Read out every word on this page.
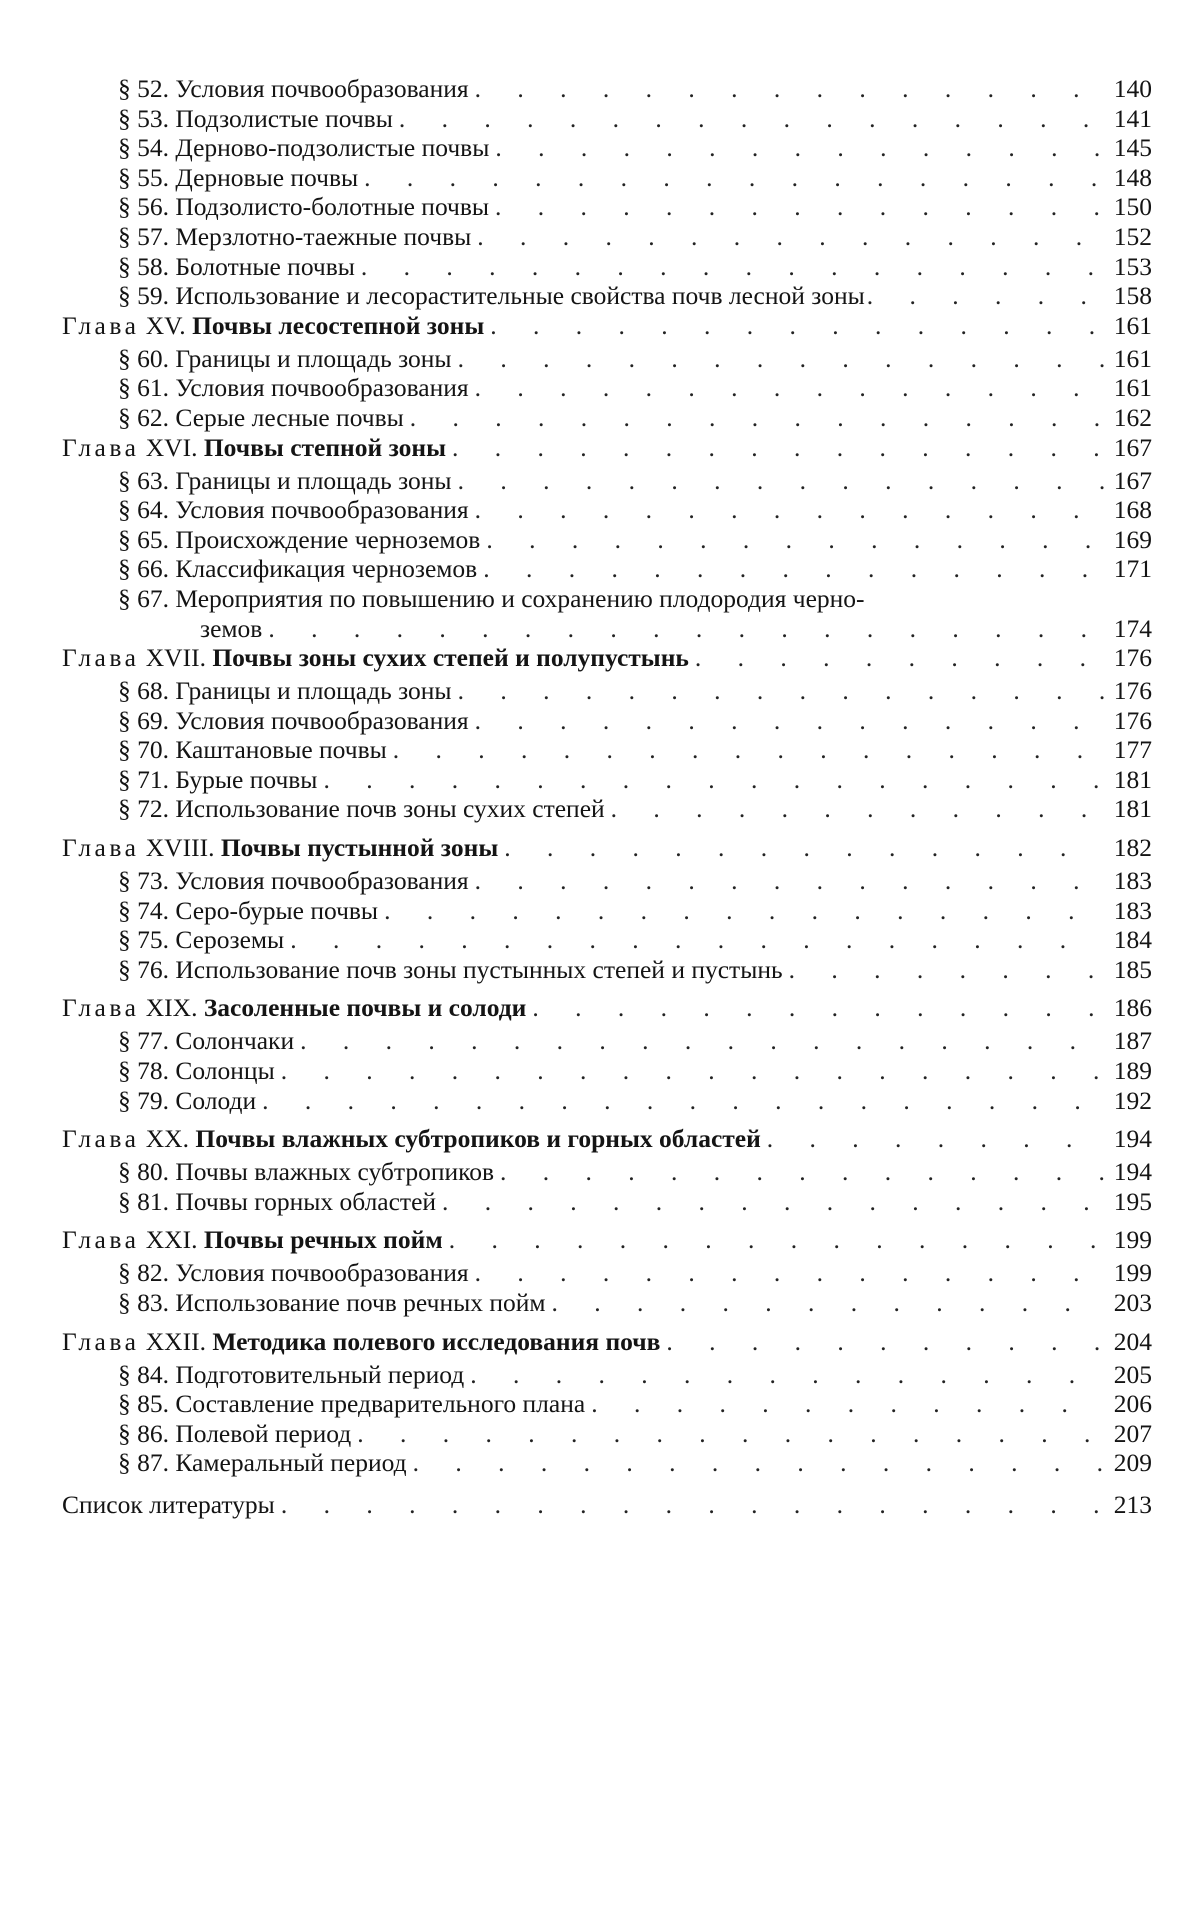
§ 52. Условия почвообразования . . .	140
§ 53. Подзолистые почвы . . .	141
§ 54. Дерново-подзолистые почвы . . .	145
§ 55. Дерновые почвы . . .	148
§ 56. Подзолисто-болотные почвы . . .	150
§ 57. Мерзлотно-таежные почвы . . .	152
§ 58. Болотные почвы . . .	153
§ 59. Использование и лесорастительные свойства почв лесной зоны . . .	158
Глава XV. Почвы лесостепной зоны . . .	161
§ 60. Границы и площадь зоны . . .	161
§ 61. Условия почвообразования . . .	161
§ 62. Серые лесные почвы . . .	162
Глава XVI. Почвы степной зоны . . .	167
§ 63. Границы и площадь зоны . . .	167
§ 64. Условия почвообразования . . .	168
§ 65. Происхождение черноземов . . .	169
§ 66. Классификация черноземов . . .	171
§ 67. Мероприятия по повышению и сохранению плодородия черно-
земов . . .	174
Глава XVII. Почвы зоны сухих степей и полупустынь . . .	176
§ 68. Границы и площадь зоны . . .	176
§ 69. Условия почвообразования . . .	176
§ 70. Каштановые почвы . . .	177
§ 71. Бурые почвы . . .	181
§ 72. Использование почв зоны сухих степей . . .	181
Глава XVIII. Почвы пустынной зоны . . .	182
§ 73. Условия почвообразования . . .	183
§ 74. Серо-бурые почвы . . .	183
§ 75. Сероземы . . .	184
§ 76. Использование почв зоны пустынных степей и пустынь . . .	185
Глава XIX. Засоленные почвы и солоди . . .	186
§ 77. Солончаки . . .	187
§ 78. Солонцы . . .	189
§ 79. Солоди . . .	192
Глава XX. Почвы влажных субтропиков и горных областей . . .	194
§ 80. Почвы влажных субтропиков . . .	194
§ 81. Почвы горных областей . . .	195
Глава XXI. Почвы речных пойм . . .	199
§ 82. Условия почвообразования . . .	199
§ 83. Использование почв речных пойм . . .	203
Глава XXII. Методика полевого исследования почв . . .	204
§ 84. Подготовительный период . . .	205
§ 85. Составление предварительного плана . . .	206
§ 86. Полевой период . . .	207
§ 87. Камеральный период . . .	209
Список литературы . . .	213
